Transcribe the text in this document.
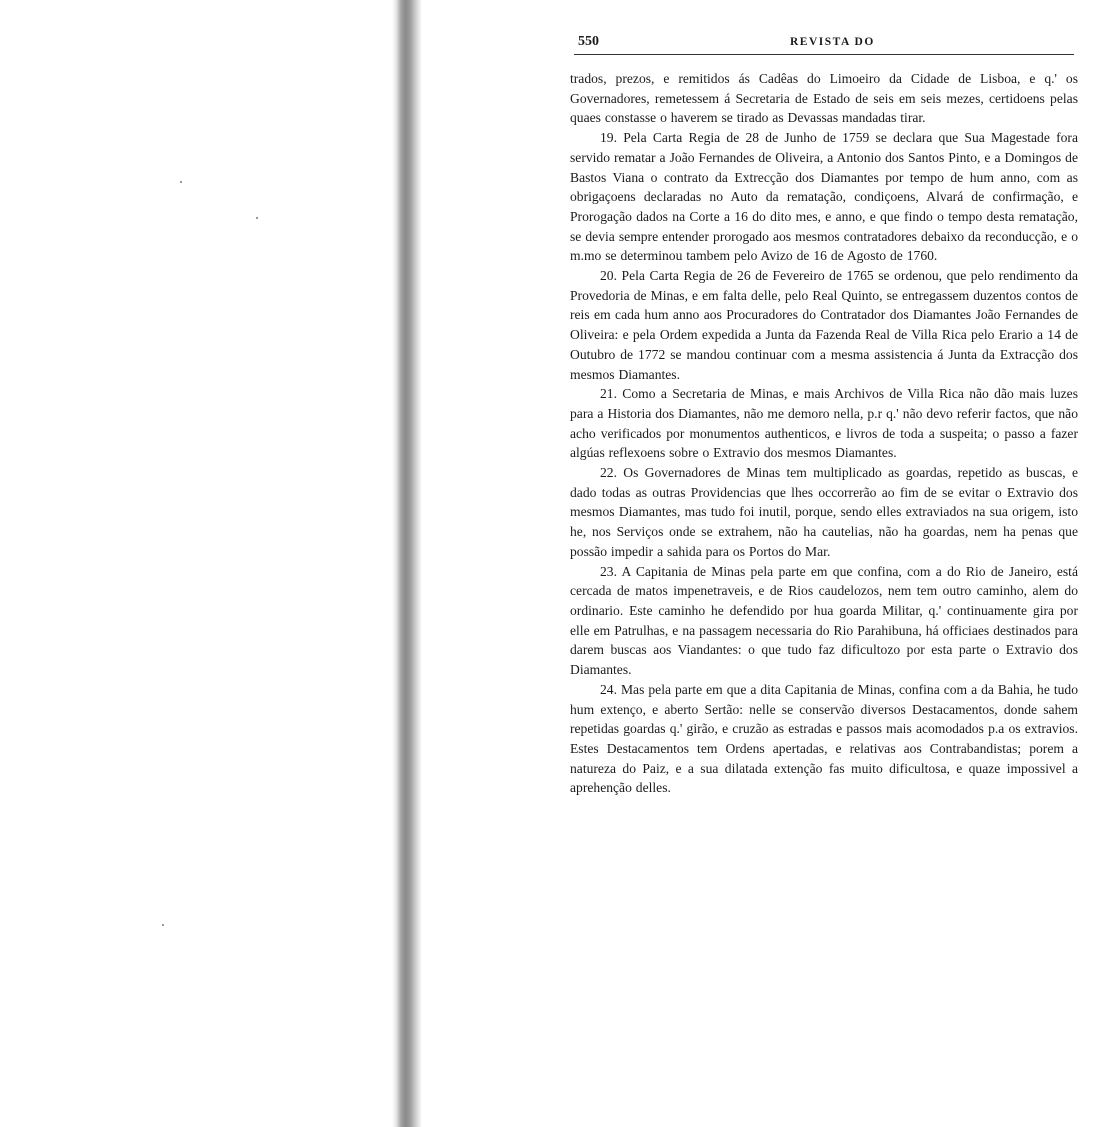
550	REVISTA DO

trados, prezos, e remitidos ás Cadêas do Limoeiro da Cidade de Lisboa, e q.' os Governadores, remetessem á Secretaria de Estado de seis em seis mezes, certidoens pelas quaes constasse o haverem se tirado as Devassas mandadas tirar.

19. Pela Carta Regia de 28 de Junho de 1759 se declara que Sua Magestade fora servido rematar a João Fernandes de Oliveira, a Antonio dos Santos Pinto, e a Domingos de Bastos Viana o contrato da Extrecção dos Diamantes por tempo de hum anno, com as obrigaçoens declaradas no Auto da rematação, condiçoens, Alvará de confirmação, e Prorogação dados na Corte a 16 do dito mes, e anno, e que findo o tempo desta rematação, se devia sempre entender prorogado aos mesmos contratadores debaixo da reconducção, e o m.mo se determinou tambem pelo Avizo de 16 de Agosto de 1760.

20. Pela Carta Regia de 26 de Fevereiro de 1765 se ordenou, que pelo rendimento da Provedoria de Minas, e em falta delle, pelo Real Quinto, se entregassem duzentos contos de reis em cada hum anno aos Procuradores do Contratador dos Diamantes João Fernandes de Oliveira: e pela Ordem expedida a Junta da Fazenda Real de Villa Rica pelo Erario a 14 de Outubro de 1772 se mandou continuar com a mesma assistencia á Junta da Extracção dos mesmos Diamantes.

21. Como a Secretaria de Minas, e mais Archivos de Villa Rica não dão mais luzes para a Historia dos Diamantes, não me demoro nella, p.r q.' não devo referir factos, que não acho verificados por monumentos authenticos, e livros de toda a suspeita; o passo a fazer algúas reflexoens sobre o Extravio dos mesmos Diamantes.

22. Os Governadores de Minas tem multiplicado as goardas, repetido as buscas, e dado todas as outras Providencias que lhes occorrerão ao fim de se evitar o Extravio dos mesmos Diamantes, mas tudo foi inutil, porque, sendo elles extraviados na sua origem, isto he, nos Serviços onde se extrahem, não ha cautelias, não ha goardas, nem ha penas que possão impedir a sahida para os Portos do Mar.

23. A Capitania de Minas pela parte em que confina, com a do Rio de Janeiro, está cercada de matos impenetraveis, e de Rios caudelozos, nem tem outro caminho, alem do ordinario. Este caminho he defendido por hua goarda Militar, q.' continuamente gira por elle em Patrulhas, e na passagem necessaria do Rio Parahibuna, há officiaes destinados para darem buscas aos Viandantes: o que tudo faz dificultozo por esta parte o Extravio dos Diamantes.

24. Mas pela parte em que a dita Capitania de Minas, confina com a da Bahia, he tudo hum extenço, e aberto Sertão: nelle se conservão diversos Destacamentos, donde sahem repetidas goardas q.' girão, e cruzão as estradas e passos mais acomodados p.a os extravios. Estes Destacamentos tem Ordens apertadas, e relativas aos Contrabandistas; porem a natureza do Paiz, e a sua dilatada extenção fas muito dificultosa, e quaze impossivel a aprehenção delles.
